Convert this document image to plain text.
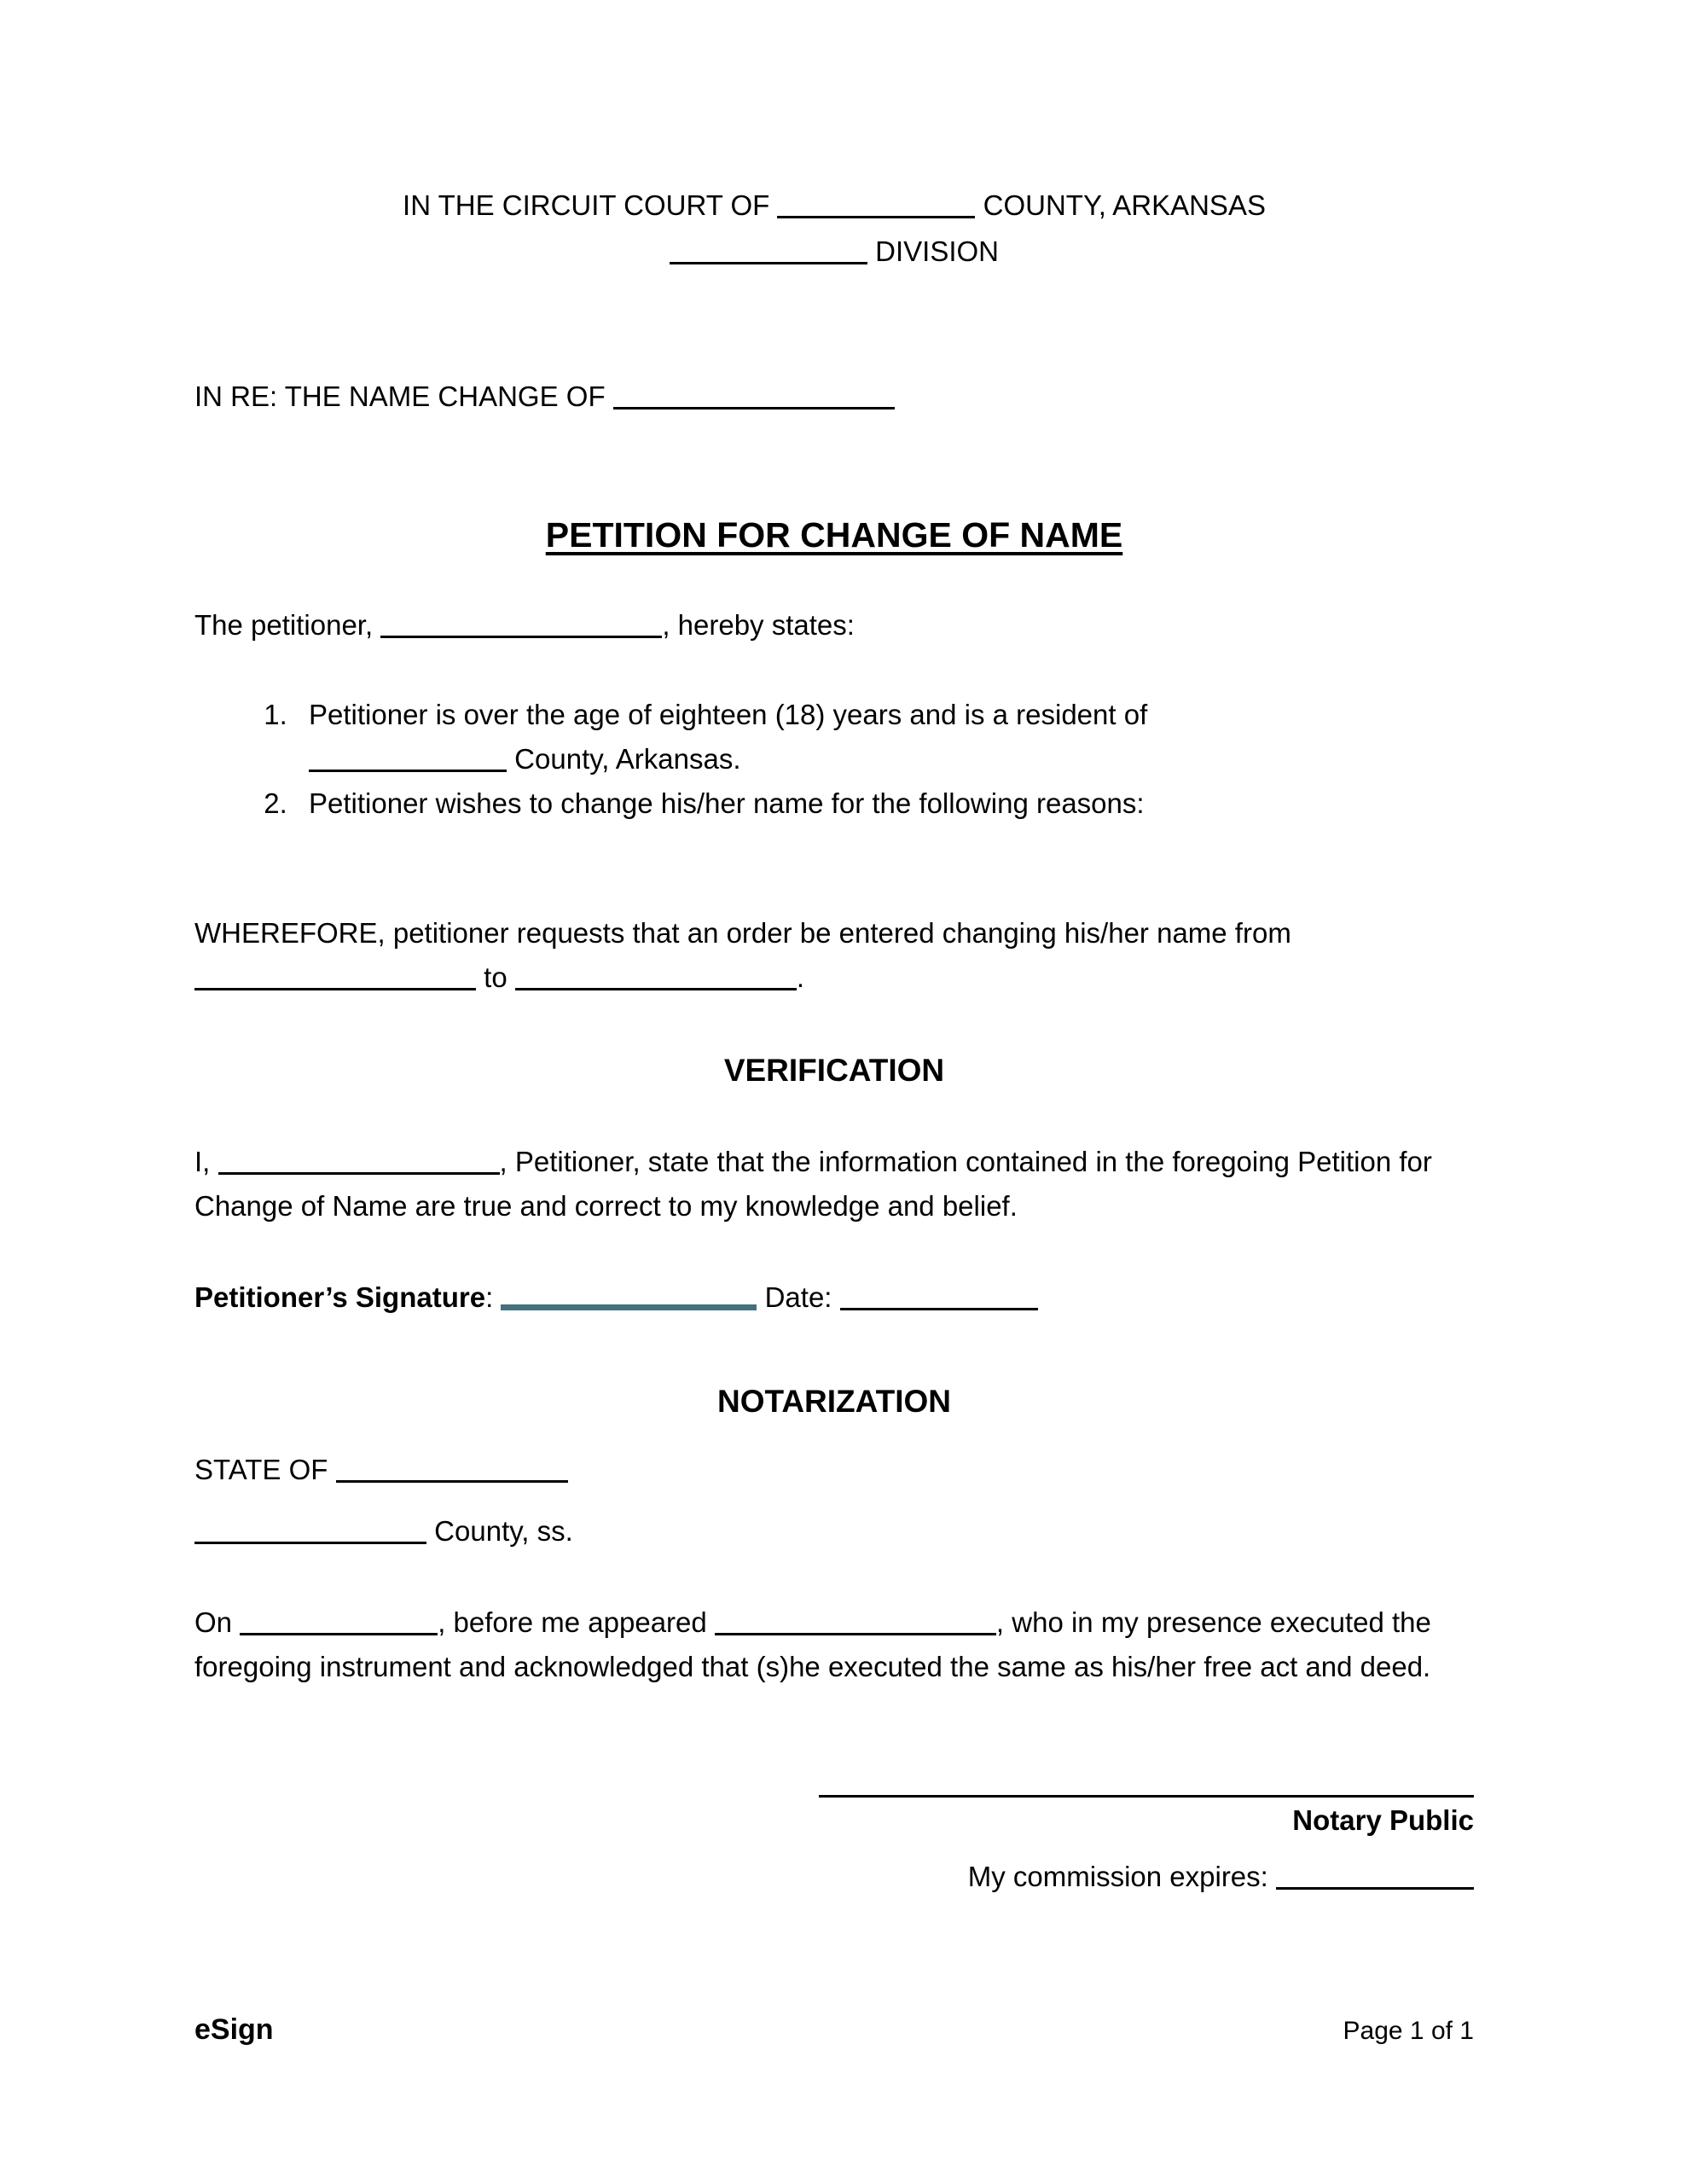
IN THE CIRCUIT COURT OF	COUNTY, ARKANSAS
DIVISION
IN RE: THE NAME CHANGE OF
PETITION FOR CHANGE OF NAME
The petitioner,	, hereby states:
1. Petitioner is over the age of eighteen (18) years and is a resident of
County, Arkansas.
2. Petitioner wishes to change his/her name for the following reasons:
WHEREFORE, petitioner requests that an order be entered changing his/her name from  to	.
VERIFICATION
I,	, Petitioner, state that the information contained in the foregoing Petition for Change of Name are true and correct to my knowledge and belief.
Petitioner’s Signature:	Date:
NOTARIZATION
STATE OF
County, ss.
On	, before me appeared	, who in my presence executed the foregoing instrument and acknowledged that (s)he executed the same as his/her free act and deed.
Notary Public
My commission expires:
eSign	Page 1 of 1
